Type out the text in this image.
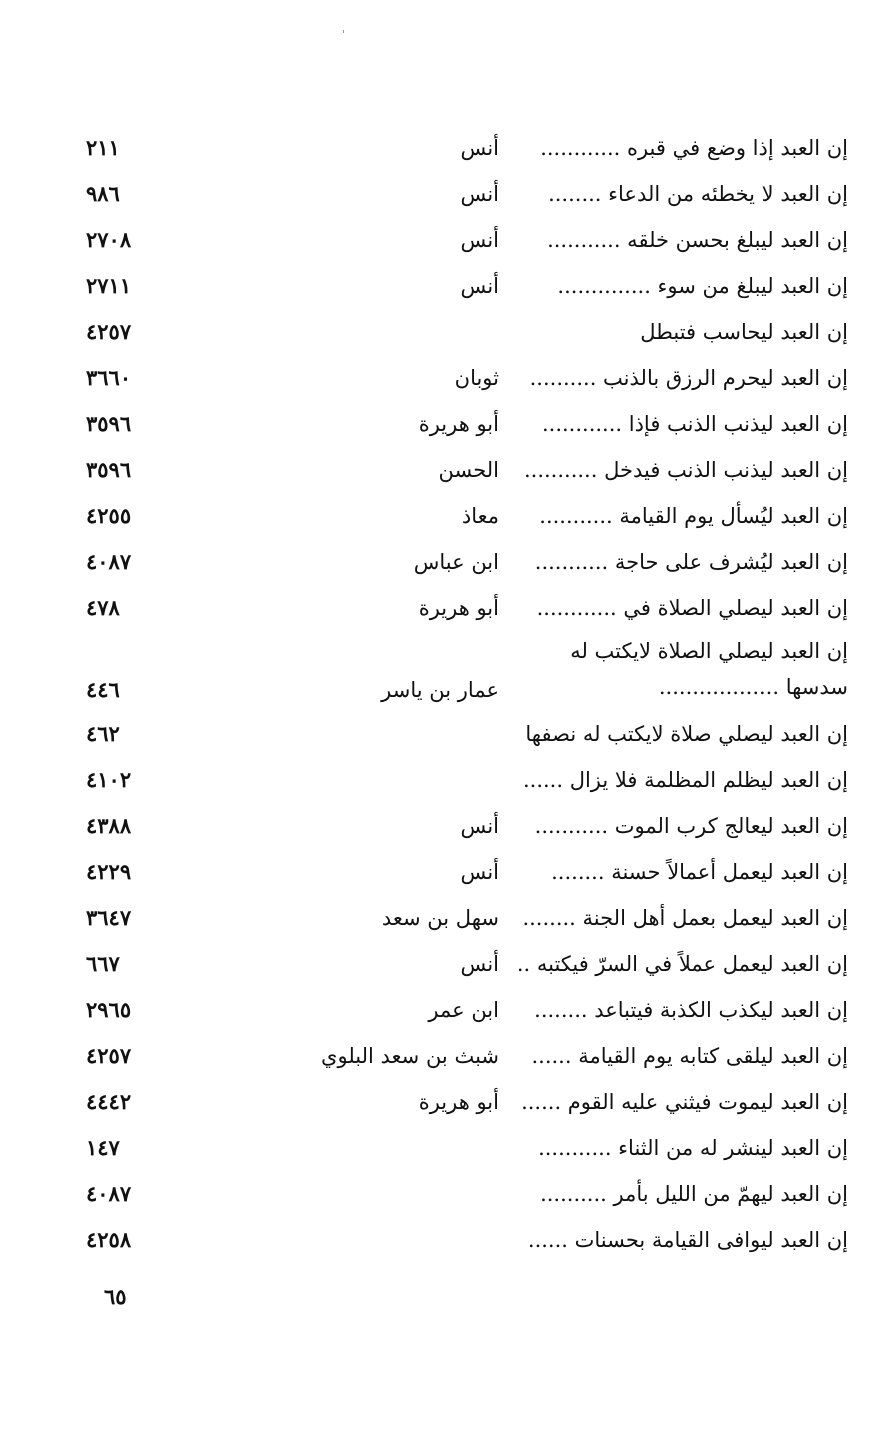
إن العبد إذا وضع في قبره ............
أنس
٢١١
إن العبد لا يخطئه من الدعاء ........
أنس
٩٨٦
إن العبد ليبلغ بحسن خلقه ...........
أنس
٢٧٠٨
إن العبد ليبلغ من سوء ..............
أنس
٢٧١١
إن العبد ليحاسب فتبطل
٤٢٥٧
إن العبد ليحرم الرزق بالذنب ..........
ثوبان
٣٦٦٠
إن العبد ليذنب الذنب فإذا ............
أبو هريرة
٣٥٩٦
إن العبد ليذنب الذنب فيدخل ...........
الحسن
٣٥٩٦
إن العبد ليُسأل يوم القيامة ...........
معاذ
٤٢٥٥
إن العبد ليُشرف على حاجة ...........
ابن عباس
٤٠٨٧
إن العبد ليصلي الصلاة في ............
أبو هريرة
٤٧٨
إن العبد ليصلي الصلاة لايكتب له سدسها ..................
عمار بن ياسر
٤٤٦
إن العبد ليصلي صلاة لايكتب له نصفها
٤٦٢
إن العبد ليظلم المظلمة فلا يزال ......
٤١٠٢
إن العبد ليعالج كرب الموت ...........
أنس
٤٣٨٨
إن العبد ليعمل أعمالاً حسنة ........
أنس
٤٢٢٩
إن العبد ليعمل بعمل أهل الجنة ........
سهل بن سعد
٣٦٤٧
إن العبد ليعمل عملاً في السرّ فيكتبه ..
أنس
٦٦٧
إن العبد ليكذب الكذبة فيتباعد ........
ابن عمر
٢٩٦٥
إن العبد ليلقى كتابه يوم القيامة ......
شبث بن سعد البلوي
٤٢٥٧
إن العبد ليموت فيثني عليه القوم ......
أبو هريرة
٤٤٤٢
إن العبد لينشر له من الثناء ...........
١٤٧
إن العبد ليهمّ من الليل بأمر ..........
٤٠٨٧
إن العبد ليوافى القيامة بحسنات ......
٤٢٥٨
٦٥
